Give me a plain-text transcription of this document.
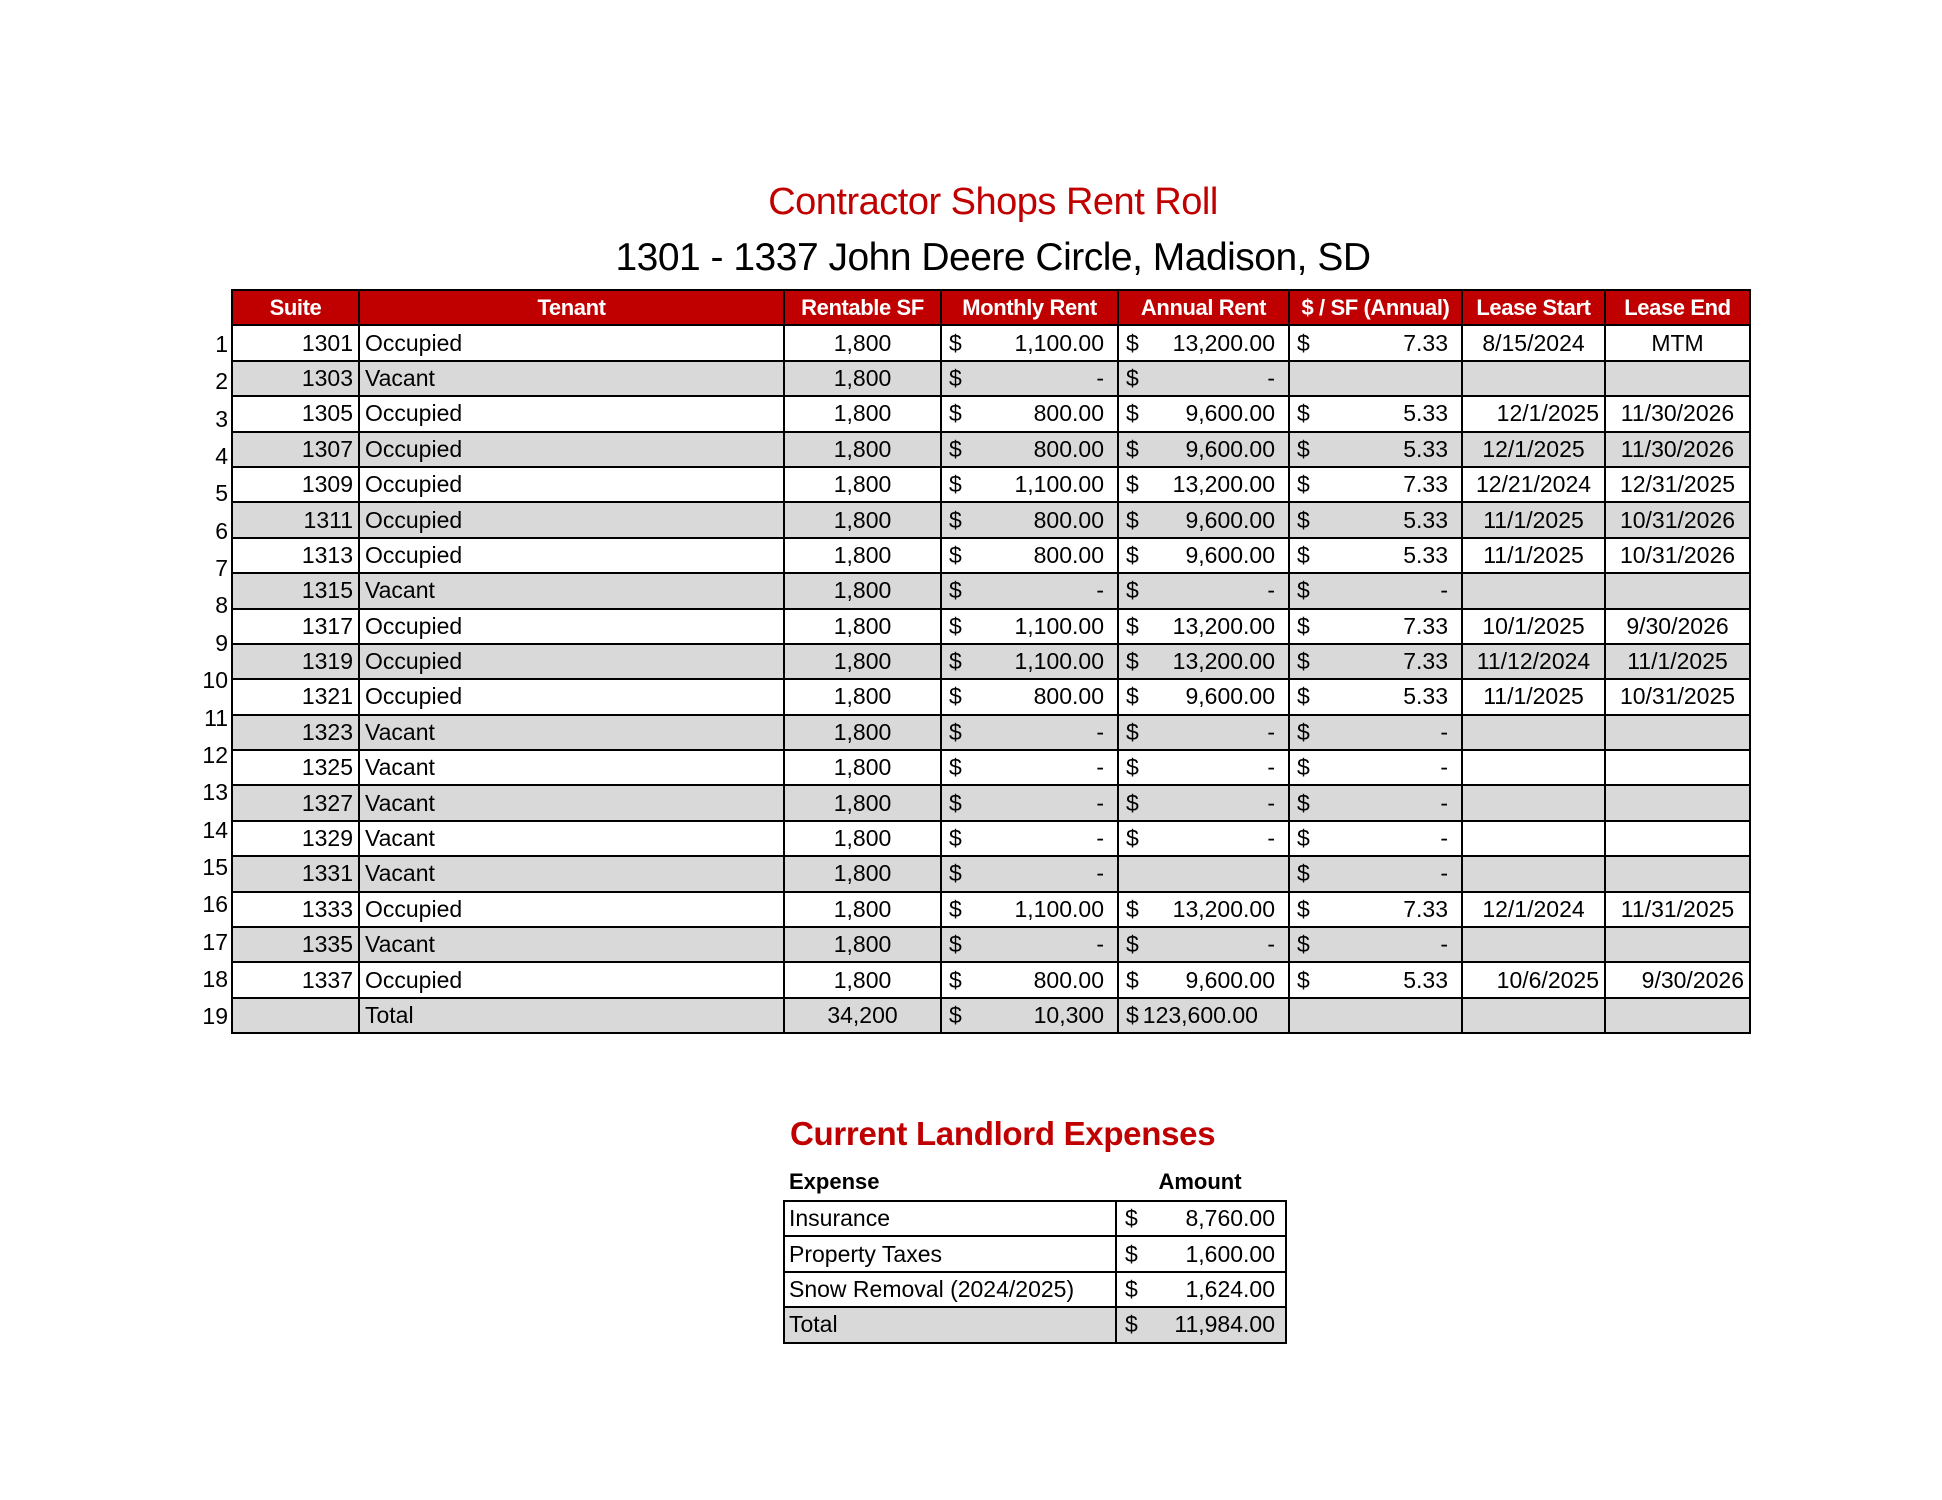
Contractor Shops Rent Roll
1301 - 1337 John Deere Circle, Madison, SD
1
2
3
4
5
6
7
8
9
10
11
12
13
14
15
16
17
18
19
Suite	Tenant	Rentable SF	Monthly Rent	Annual Rent	$ / SF (Annual)	Lease Start	Lease End
1301	Occupied	1,800	$ 1,100.00	$ 13,200.00	$ 7.33	8/15/2024	MTM
1303	Vacant	1,800	$ -	$ -			

1305	Occupied	1,800	$ 800.00	$ 9,600.00	$ 5.33	12/1/2025	11/30/2026
1307	Occupied	1,800	$ 800.00	$ 9,600.00	$ 5.33	12/1/2025	11/30/2026
1309	Occupied	1,800	$ 1,100.00	$ 13,200.00	$ 7.33	12/21/2024	12/31/2025
1311	Occupied	1,800	$ 800.00	$ 9,600.00	$ 5.33	11/1/2025	10/31/2026
1313	Occupied	1,800	$ 800.00	$ 9,600.00	$ 5.33	11/1/2025	10/31/2026
1315	Vacant	1,800	$ -	$ -	$ -		

1317	Occupied	1,800	$ 1,100.00	$ 13,200.00	$ 7.33	10/1/2025	9/30/2026
1319	Occupied	1,800	$ 1,100.00	$ 13,200.00	$ 7.33	11/12/2024	11/1/2025
1321	Occupied	1,800	$ 800.00	$ 9,600.00	$ 5.33	11/1/2025	10/31/2025
1323	Vacant	1,800	$ -	$ -	$ -		

1325	Vacant	1,800	$ -	$ -	$ -		

1327	Vacant	1,800	$ -	$ -	$ -		

1329	Vacant	1,800	$ -	$ -	$ -		

1331	Vacant	1,800	$ -		$ -		

1333	Occupied	1,800	$ 1,100.00	$ 13,200.00	$ 7.33	12/1/2024	11/31/2025
1335	Vacant	1,800	$ -	$ -	$ -		

1337	Occupied	1,800	$ 800.00	$ 9,600.00	$ 5.33	10/6/2025	9/30/2026
	Total	34,200	$ 10,300	$ 123,600.00			

Current Landlord Expenses
Expense	Amount
Insurance	$ 8,760.00

Property Taxes	$ 1,600.00

Snow Removal (2024/2025)	$ 1,624.00

Total	$ 11,984.00
